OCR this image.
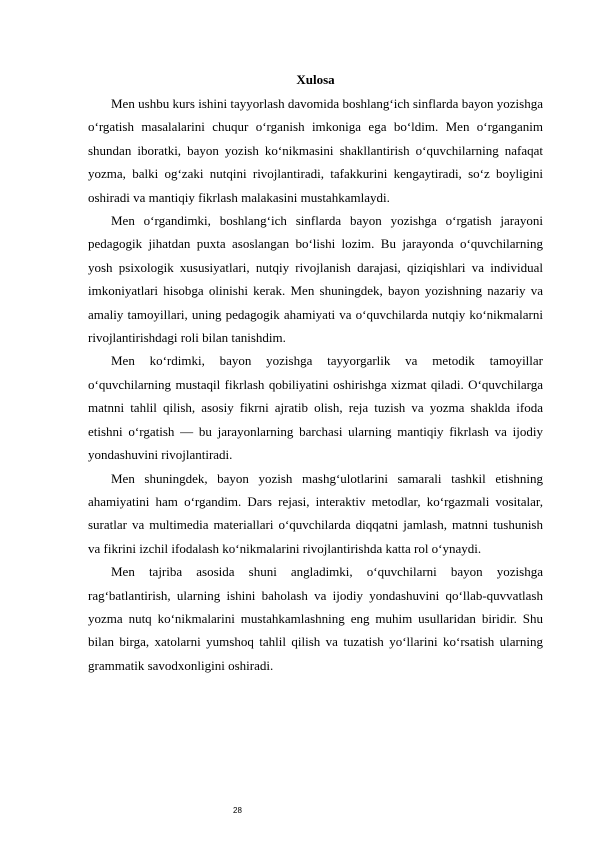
Xulosa

Men ushbu kurs ishini tayyorlash davomida boshlang‘ich sinflarda bayon yozishga o‘rgatish masalalarini chuqur o‘rganish imkoniga ega bo‘ldim. Men o‘rganganim shundan iboratki, bayon yozish ko‘nikmasini shakllantirish o‘quvchilarning nafaqat yozma, balki og‘zaki nutqini rivojlantiradi, tafakkurini kengaytiradi, so‘z boyligini oshiradi va mantiqiy fikrlash malakasini mustahkamlaydi.

Men o‘rgandimki, boshlang‘ich sinflarda bayon yozishga o‘rgatish jarayoni pedagogik jihatdan puxta asoslangan bo‘lishi lozim. Bu jarayonda o‘quvchilarning yosh psixologik xususiyatlari, nutqiy rivojlanish darajasi, qiziqishlari va individual imkoniyatlari hisobga olinishi kerak. Men shuningdek, bayon yozishning nazariy va amaliy tamoyillari, uning pedagogik ahamiyati va o‘quvchilarda nutqiy ko‘nikmalarni rivojlantirishdagi roli bilan tanishdim.

Men ko‘rdimki, bayon yozishga tayyorgarlik va metodik tamoyillar o‘quvchilarning mustaqil fikrlash qobiliyatini oshirishga xizmat qiladi. O‘quvchilarga matnni tahlil qilish, asosiy fikrni ajratib olish, reja tuzish va yozma shaklda ifoda etishni o‘rgatish — bu jarayonlarning barchasi ularning mantiqiy fikrlash va ijodiy yondashuvini rivojlantiradi.

Men shuningdek, bayon yozish mashg‘ulotlarini samarali tashkil etishning ahamiyatini ham o‘rgandim. Dars rejasi, interaktiv metodlar, ko‘rgazmali vositalar, suratlar va multimedia materiallari o‘quvchilarda diqqatni jamlash, matnni tushunish va fikrini izchil ifodalash ko‘nikmalarini rivojlantirishda katta rol o‘ynaydi.

Men tajriba asosida shuni angladimki, o‘quvchilarni bayon yozishga rag‘batlantirish, ularning ishini baholash va ijodiy yondashuvini qo‘llab-quvvatlash yozma nutq ko‘nikmalarini mustahkamlashning eng muhim usullaridan biridir. Shu bilan birga, xatolarni yumshoq tahlil qilish va tuzatish yo‘llarini ko‘rsatish ularning grammatik savodxonligini oshiradi.

28
